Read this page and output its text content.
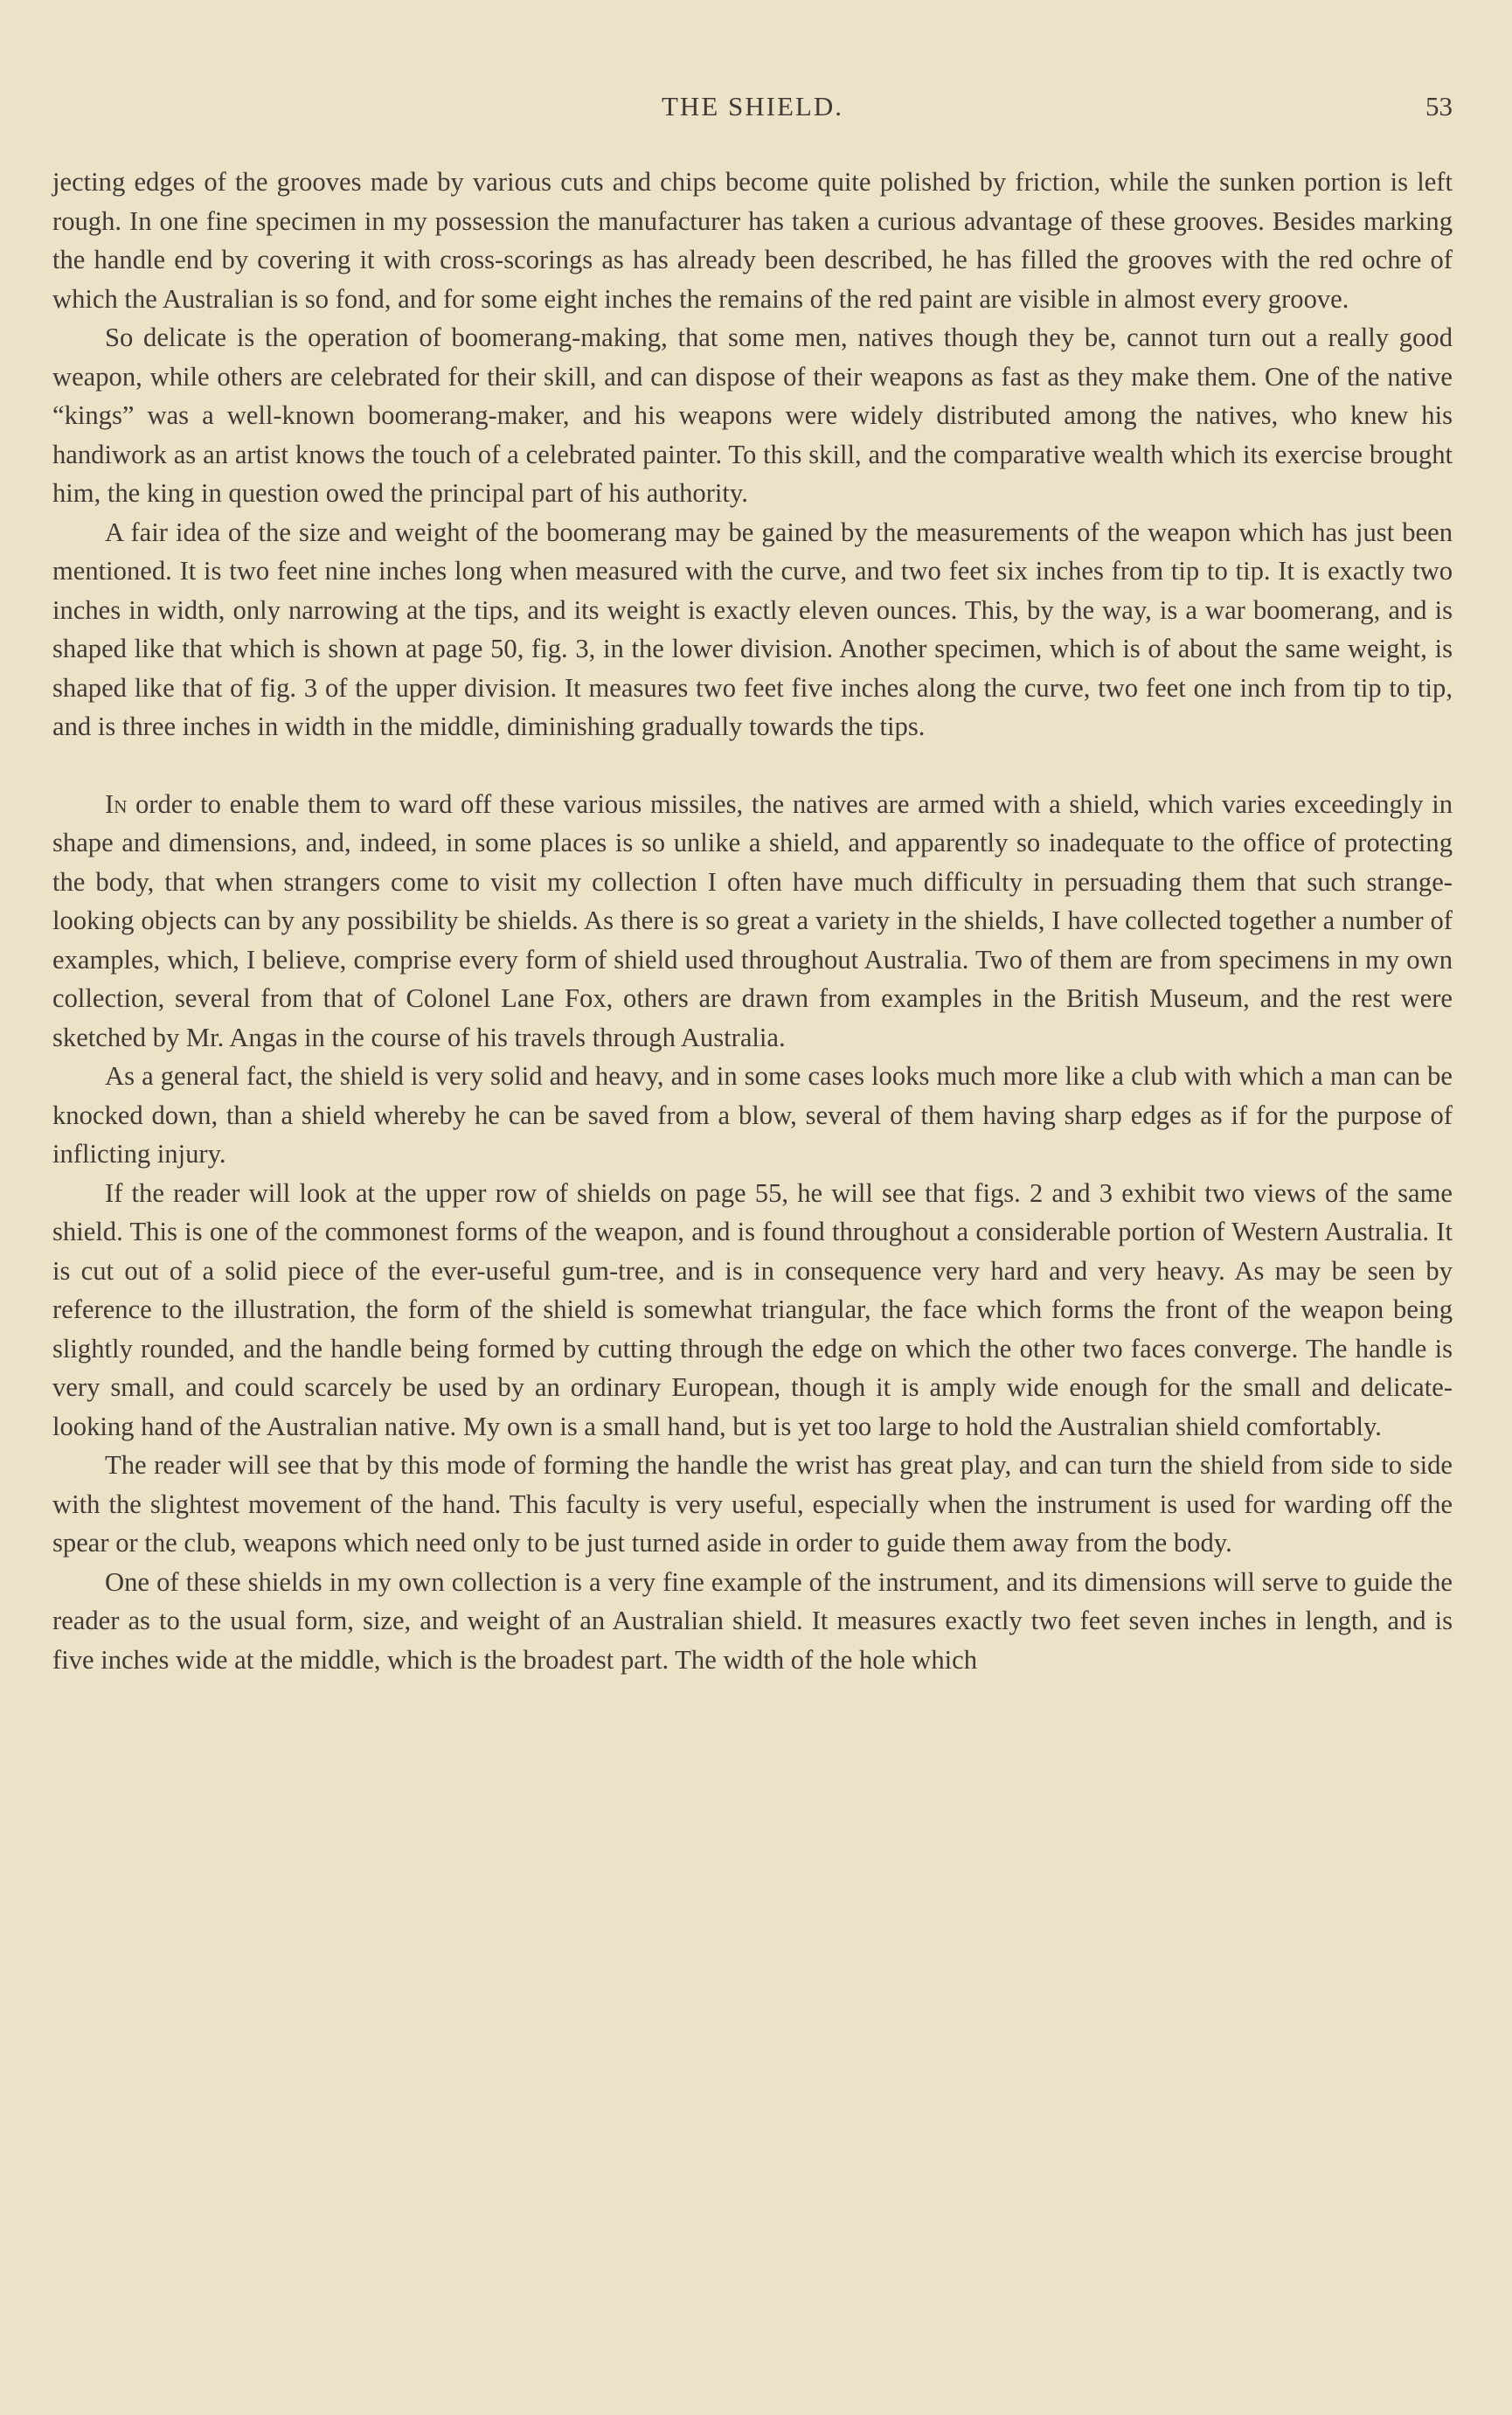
THE SHIELD.	53

jecting edges of the grooves made by various cuts and chips become quite polished by friction, while the sunken portion is left rough. In one fine specimen in my possession the manufacturer has taken a curious advantage of these grooves. Besides marking the handle end by covering it with cross-scorings as has already been described, he has filled the grooves with the red ochre of which the Australian is so fond, and for some eight inches the remains of the red paint are visible in almost every groove.

So delicate is the operation of boomerang-making, that some men, natives though they be, cannot turn out a really good weapon, while others are celebrated for their skill, and can dispose of their weapons as fast as they make them. One of the native “kings” was a well-known boomerang-maker, and his weapons were widely distributed among the natives, who knew his handiwork as an artist knows the touch of a celebrated painter. To this skill, and the comparative wealth which its exercise brought him, the king in question owed the principal part of his authority.

A fair idea of the size and weight of the boomerang may be gained by the measurements of the weapon which has just been mentioned. It is two feet nine inches long when measured with the curve, and two feet six inches from tip to tip. It is exactly two inches in width, only narrowing at the tips, and its weight is exactly eleven ounces. This, by the way, is a war boomerang, and is shaped like that which is shown at page 50, fig. 3, in the lower division. Another specimen, which is of about the same weight, is shaped like that of fig. 3 of the upper division. It measures two feet five inches along the curve, two feet one inch from tip to tip, and is three inches in width in the middle, diminishing gradually towards the tips.

In order to enable them to ward off these various missiles, the natives are armed with a shield, which varies exceedingly in shape and dimensions, and, indeed, in some places is so unlike a shield, and apparently so inadequate to the office of protecting the body, that when strangers come to visit my collection I often have much difficulty in persuading them that such strange-looking objects can by any possibility be shields. As there is so great a variety in the shields, I have collected together a number of examples, which, I believe, comprise every form of shield used throughout Australia. Two of them are from specimens in my own collection, several from that of Colonel Lane Fox, others are drawn from examples in the British Museum, and the rest were sketched by Mr. Angas in the course of his travels through Australia.

As a general fact, the shield is very solid and heavy, and in some cases looks much more like a club with which a man can be knocked down, than a shield whereby he can be saved from a blow, several of them having sharp edges as if for the purpose of inflicting injury.

If the reader will look at the upper row of shields on page 55, he will see that figs. 2 and 3 exhibit two views of the same shield. This is one of the commonest forms of the weapon, and is found throughout a considerable portion of Western Australia. It is cut out of a solid piece of the ever-useful gum-tree, and is in consequence very hard and very heavy. As may be seen by reference to the illustration, the form of the shield is somewhat triangular, the face which forms the front of the weapon being slightly rounded, and the handle being formed by cutting through the edge on which the other two faces converge. The handle is very small, and could scarcely be used by an ordinary European, though it is amply wide enough for the small and delicate-looking hand of the Australian native. My own is a small hand, but is yet too large to hold the Australian shield comfortably.

The reader will see that by this mode of forming the handle the wrist has great play, and can turn the shield from side to side with the slightest movement of the hand. This faculty is very useful, especially when the instrument is used for warding off the spear or the club, weapons which need only to be just turned aside in order to guide them away from the body.

One of these shields in my own collection is a very fine example of the instrument, and its dimensions will serve to guide the reader as to the usual form, size, and weight of an Australian shield. It measures exactly two feet seven inches in length, and is five inches wide at the middle, which is the broadest part. The width of the hole which
